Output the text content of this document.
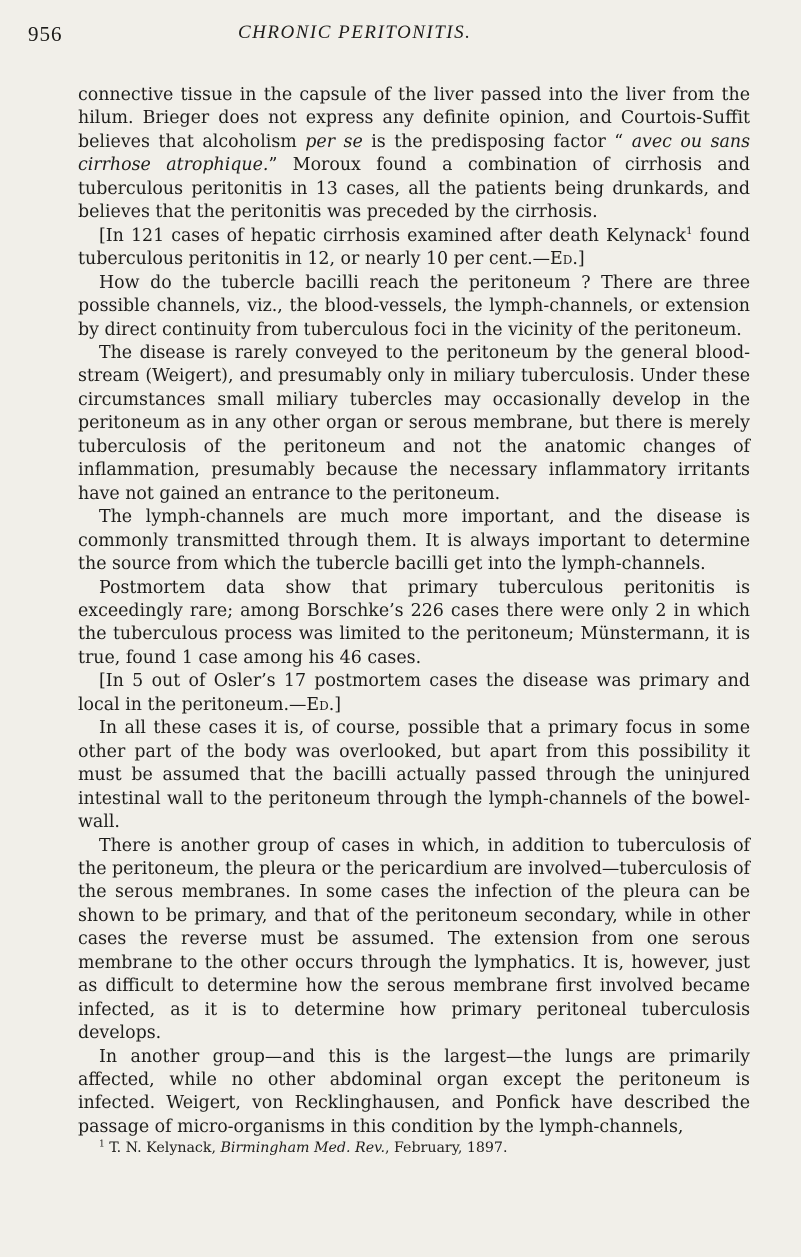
956	CHRONIC PERITONITIS.

connective tissue in the capsule of the liver passed into the liver from the hilum. Brieger does not express any definite opinion, and Courtois-Suffit believes that alcoholism per se is the predisposing factor “ avec ou sans cirrhose atrophique.” Moroux found a combination of cirrhosis and tuberculous peritonitis in 13 cases, all the patients being drunkards, and believes that the peritonitis was preceded by the cirrhosis.

[In 121 cases of hepatic cirrhosis examined after death Kelynack$^1$ found tuberculous peritonitis in 12, or nearly 10 per cent.—Ed.]

How do the tubercle bacilli reach the peritoneum ? There are three possible channels, viz., the blood-vessels, the lymph-channels, or extension by direct continuity from tuberculous foci in the vicinity of the peritoneum.

The disease is rarely conveyed to the peritoneum by the general blood-stream (Weigert), and presumably only in miliary tuberculosis. Under these circumstances small miliary tubercles may occasionally develop in the peritoneum as in any other organ or serous membrane, but there is merely tuberculosis of the peritoneum and not the anatomic changes of inflammation, presumably because the necessary inflammatory irritants have not gained an entrance to the peritoneum.

The lymph-channels are much more important, and the disease is commonly transmitted through them. It is always important to determine the source from which the tubercle bacilli get into the lymph-channels.

Postmortem data show that primary tuberculous peritonitis is exceedingly rare; among Borschke’s 226 cases there were only 2 in which the tuberculous process was limited to the peritoneum; Münstermann, it is true, found 1 case among his 46 cases.

[In 5 out of Osler’s 17 postmortem cases the disease was primary and local in the peritoneum.—Ed.]

In all these cases it is, of course, possible that a primary focus in some other part of the body was overlooked, but apart from this possibility it must be assumed that the bacilli actually passed through the uninjured intestinal wall to the peritoneum through the lymph-channels of the bowel-wall.

There is another group of cases in which, in addition to tuberculosis of the peritoneum, the pleura or the pericardium are involved—tuberculosis of the serous membranes. In some cases the infection of the pleura can be shown to be primary, and that of the peritoneum secondary, while in other cases the reverse must be assumed. The extension from one serous membrane to the other occurs through the lymphatics. It is, however, just as difficult to determine how the serous membrane first involved became infected, as it is to determine how primary peritoneal tuberculosis develops.

In another group—and this is the largest—the lungs are primarily affected, while no other abdominal organ except the peritoneum is infected. Weigert, von Recklinghausen, and Ponfick have described the passage of micro-organisms in this condition by the lymph-channels,

$^1$ T. N. Kelynack, Birmingham Med. Rev., February, 1897.
